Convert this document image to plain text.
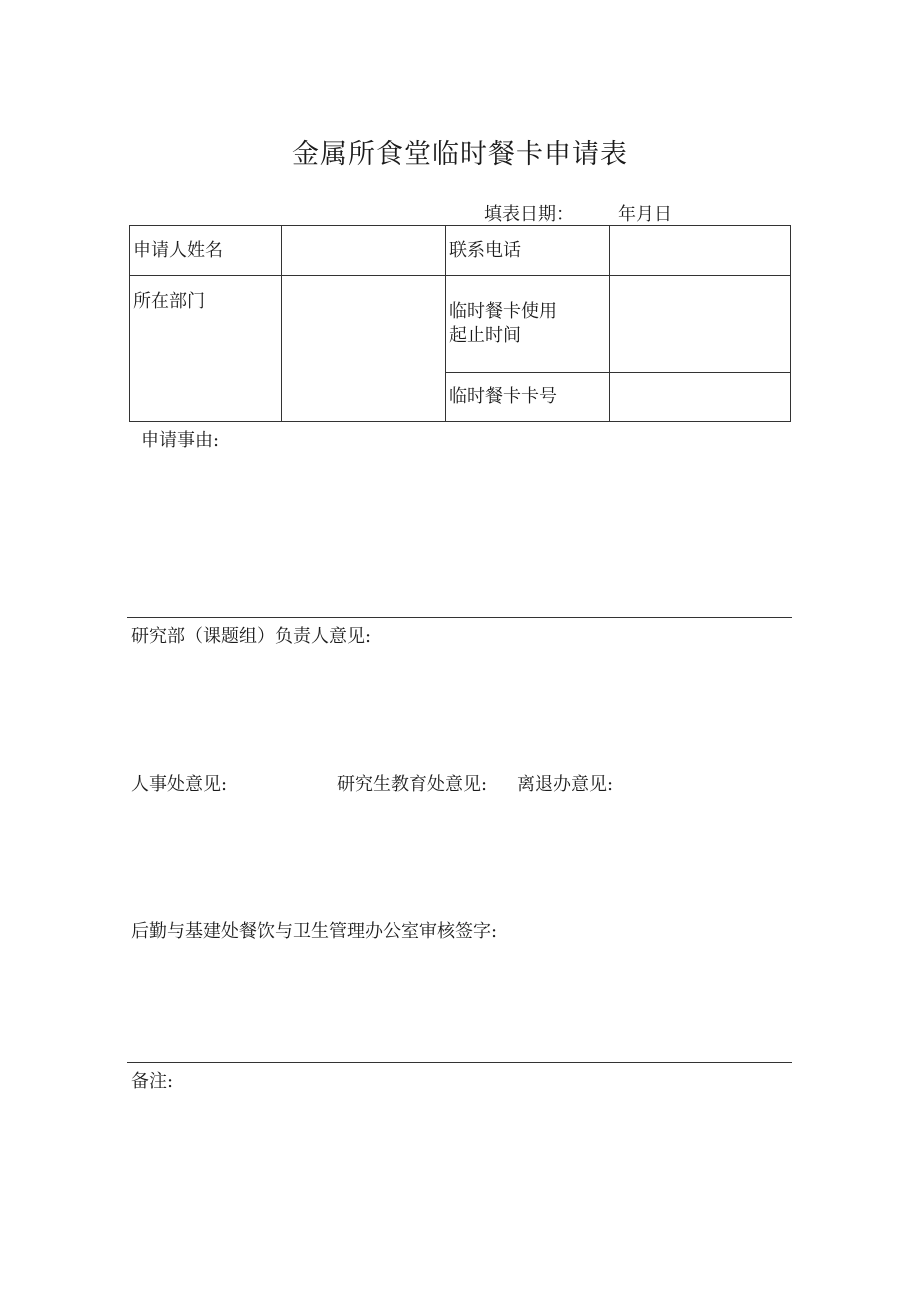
金属所食堂临时餐卡申请表
填表日期： 年月日
申请人姓名		联系电话	
所在部门		临时餐卡使用
起止时间	

		临时餐卡卡号	
申请事由:
研究部（课题组）负责人意见:
人事处意见:	研究生教育处意见: 离退办意见:
后勤与基建处餐饮与卫生管理办公室审核签字:
备注:
